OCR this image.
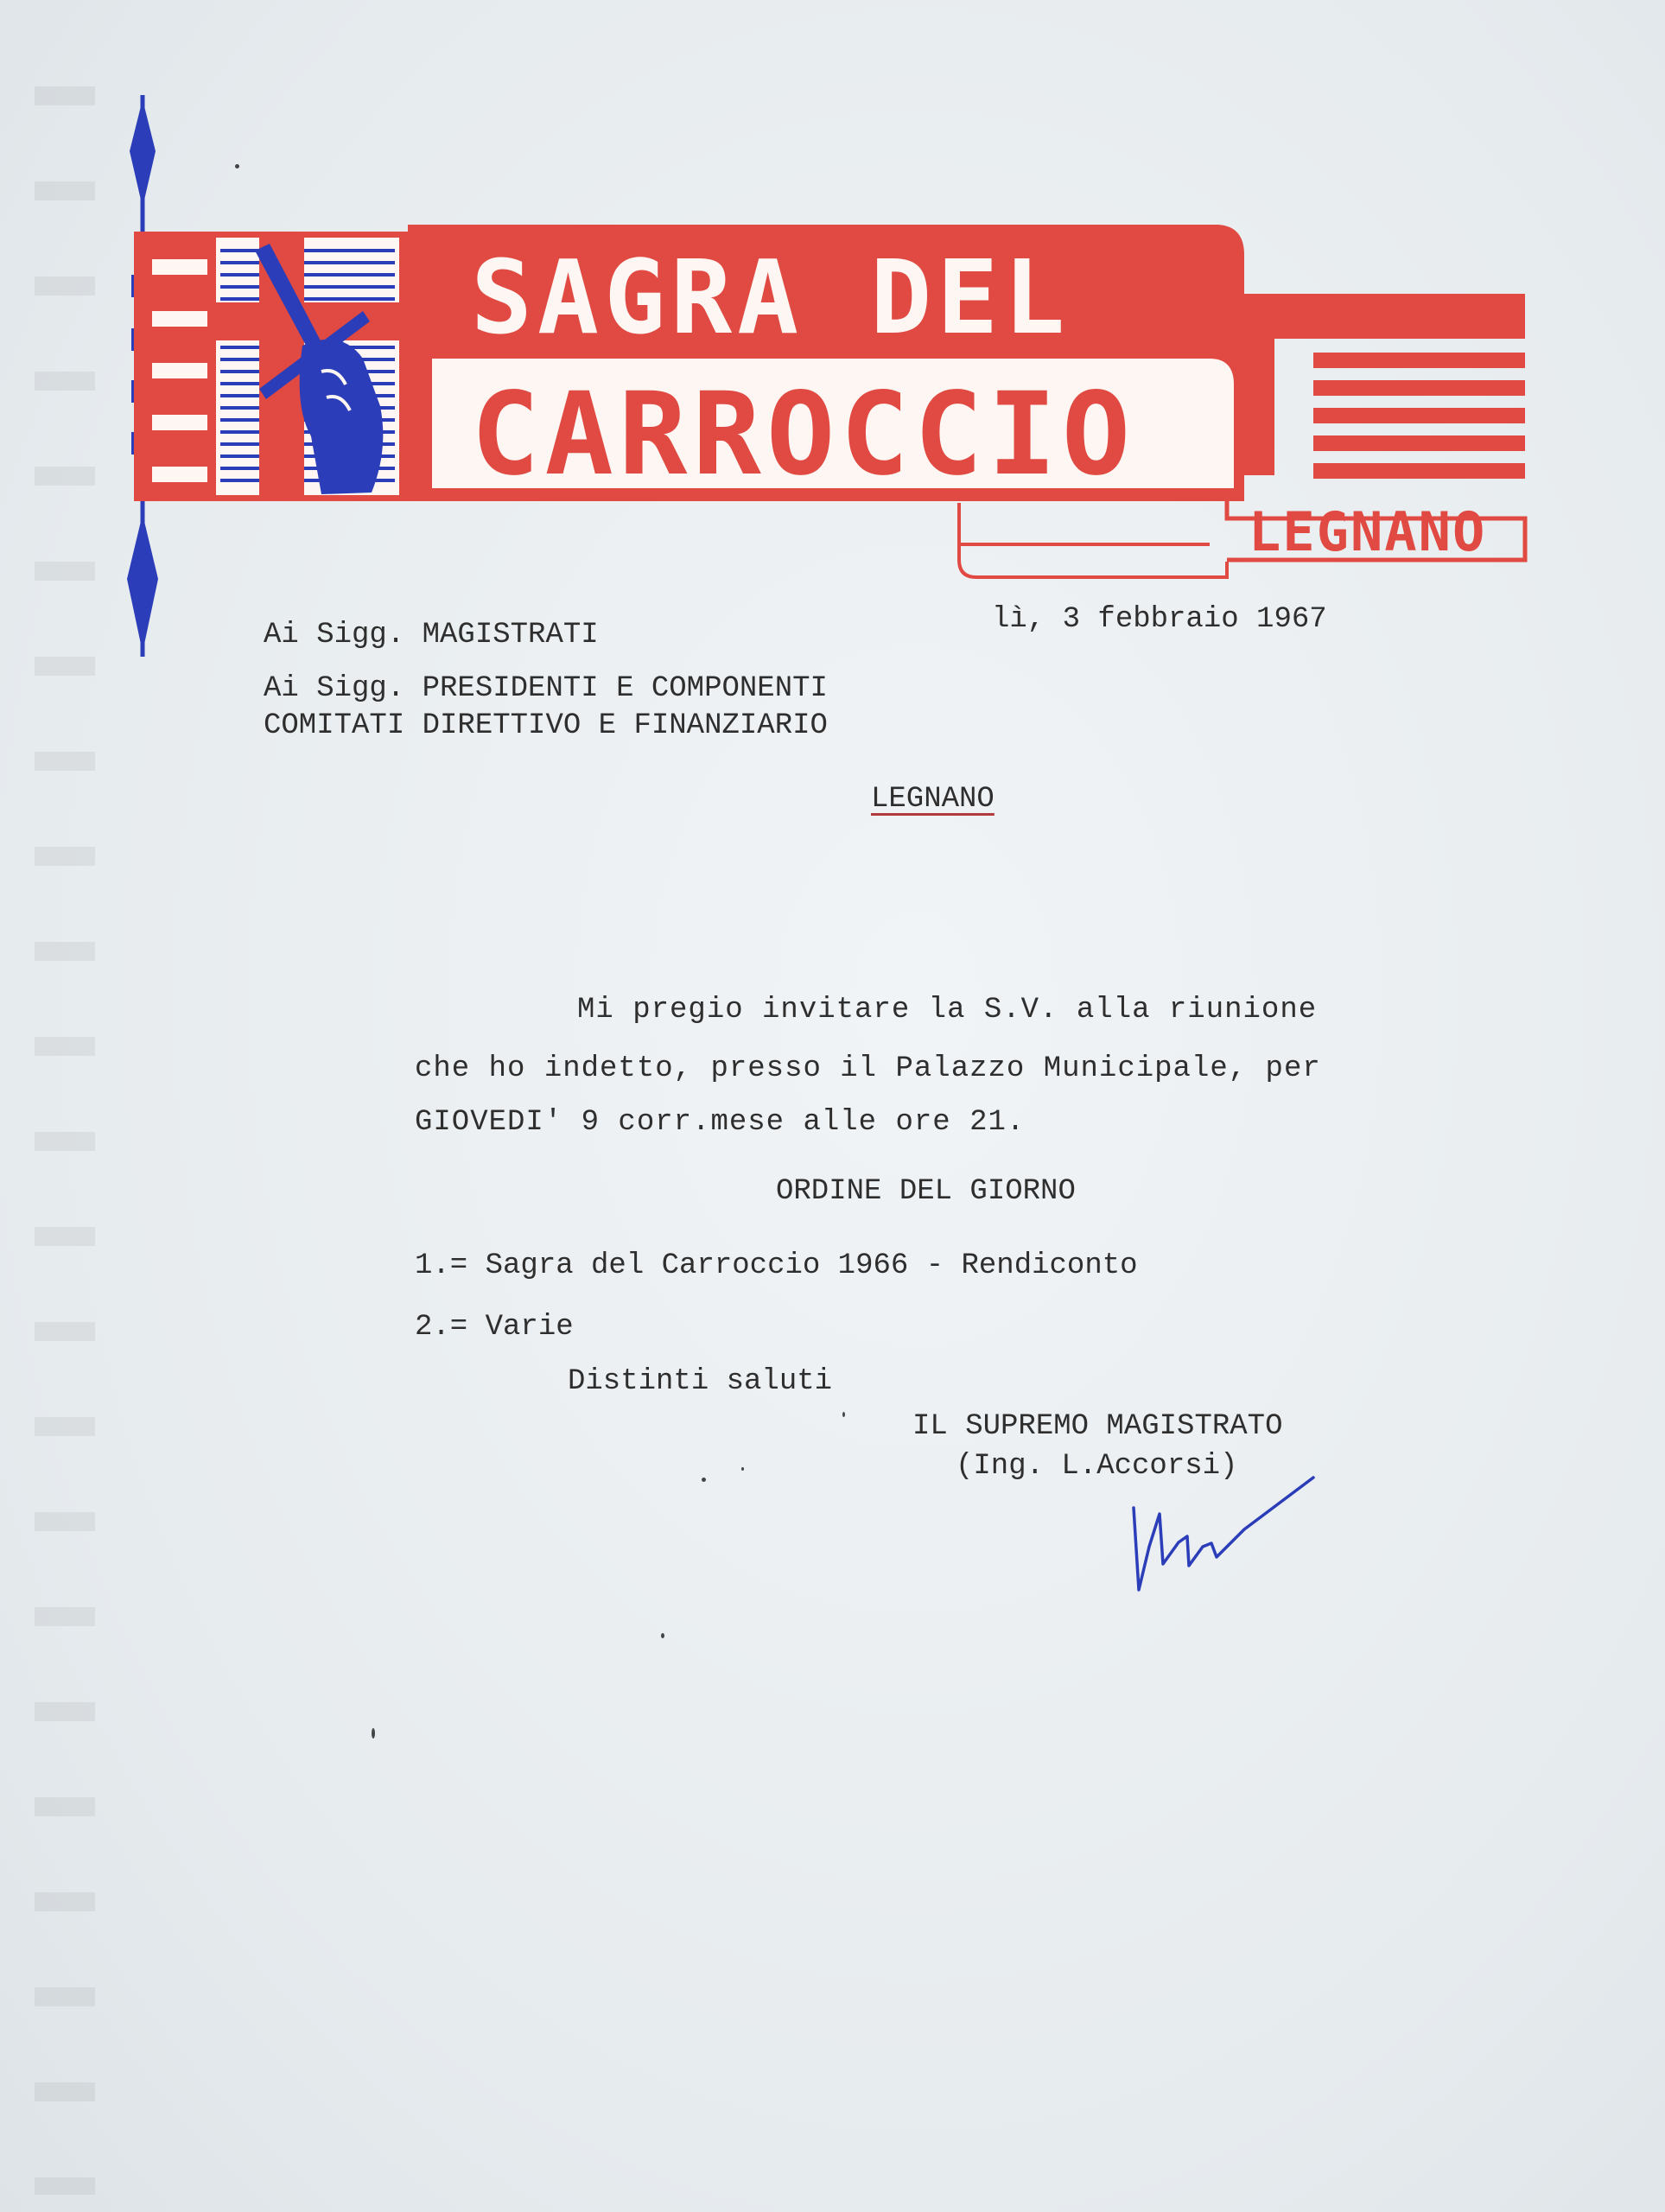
SAGRA DEL
CARROCCIO
LEGNANO
Ai Sigg. MAGISTRATI	lì, 3 febbraio 1967
Ai Sigg. PRESIDENTI E COMPONENTI
COMITATI DIRETTIVO E FINANZIARIO
LEGNANO
Mi pregio invitare la S.V. alla riunione
che ho indetto, presso il Palazzo Municipale, per
GIOVEDI' 9 corr.mese alle ore 21.
ORDINE DEL GIORNO
1.= Sagra del Carroccio 1966 - Rendiconto
2.= Varie
Distinti saluti
IL SUPREMO MAGISTRATO
(Ing. L.Accorsi)
